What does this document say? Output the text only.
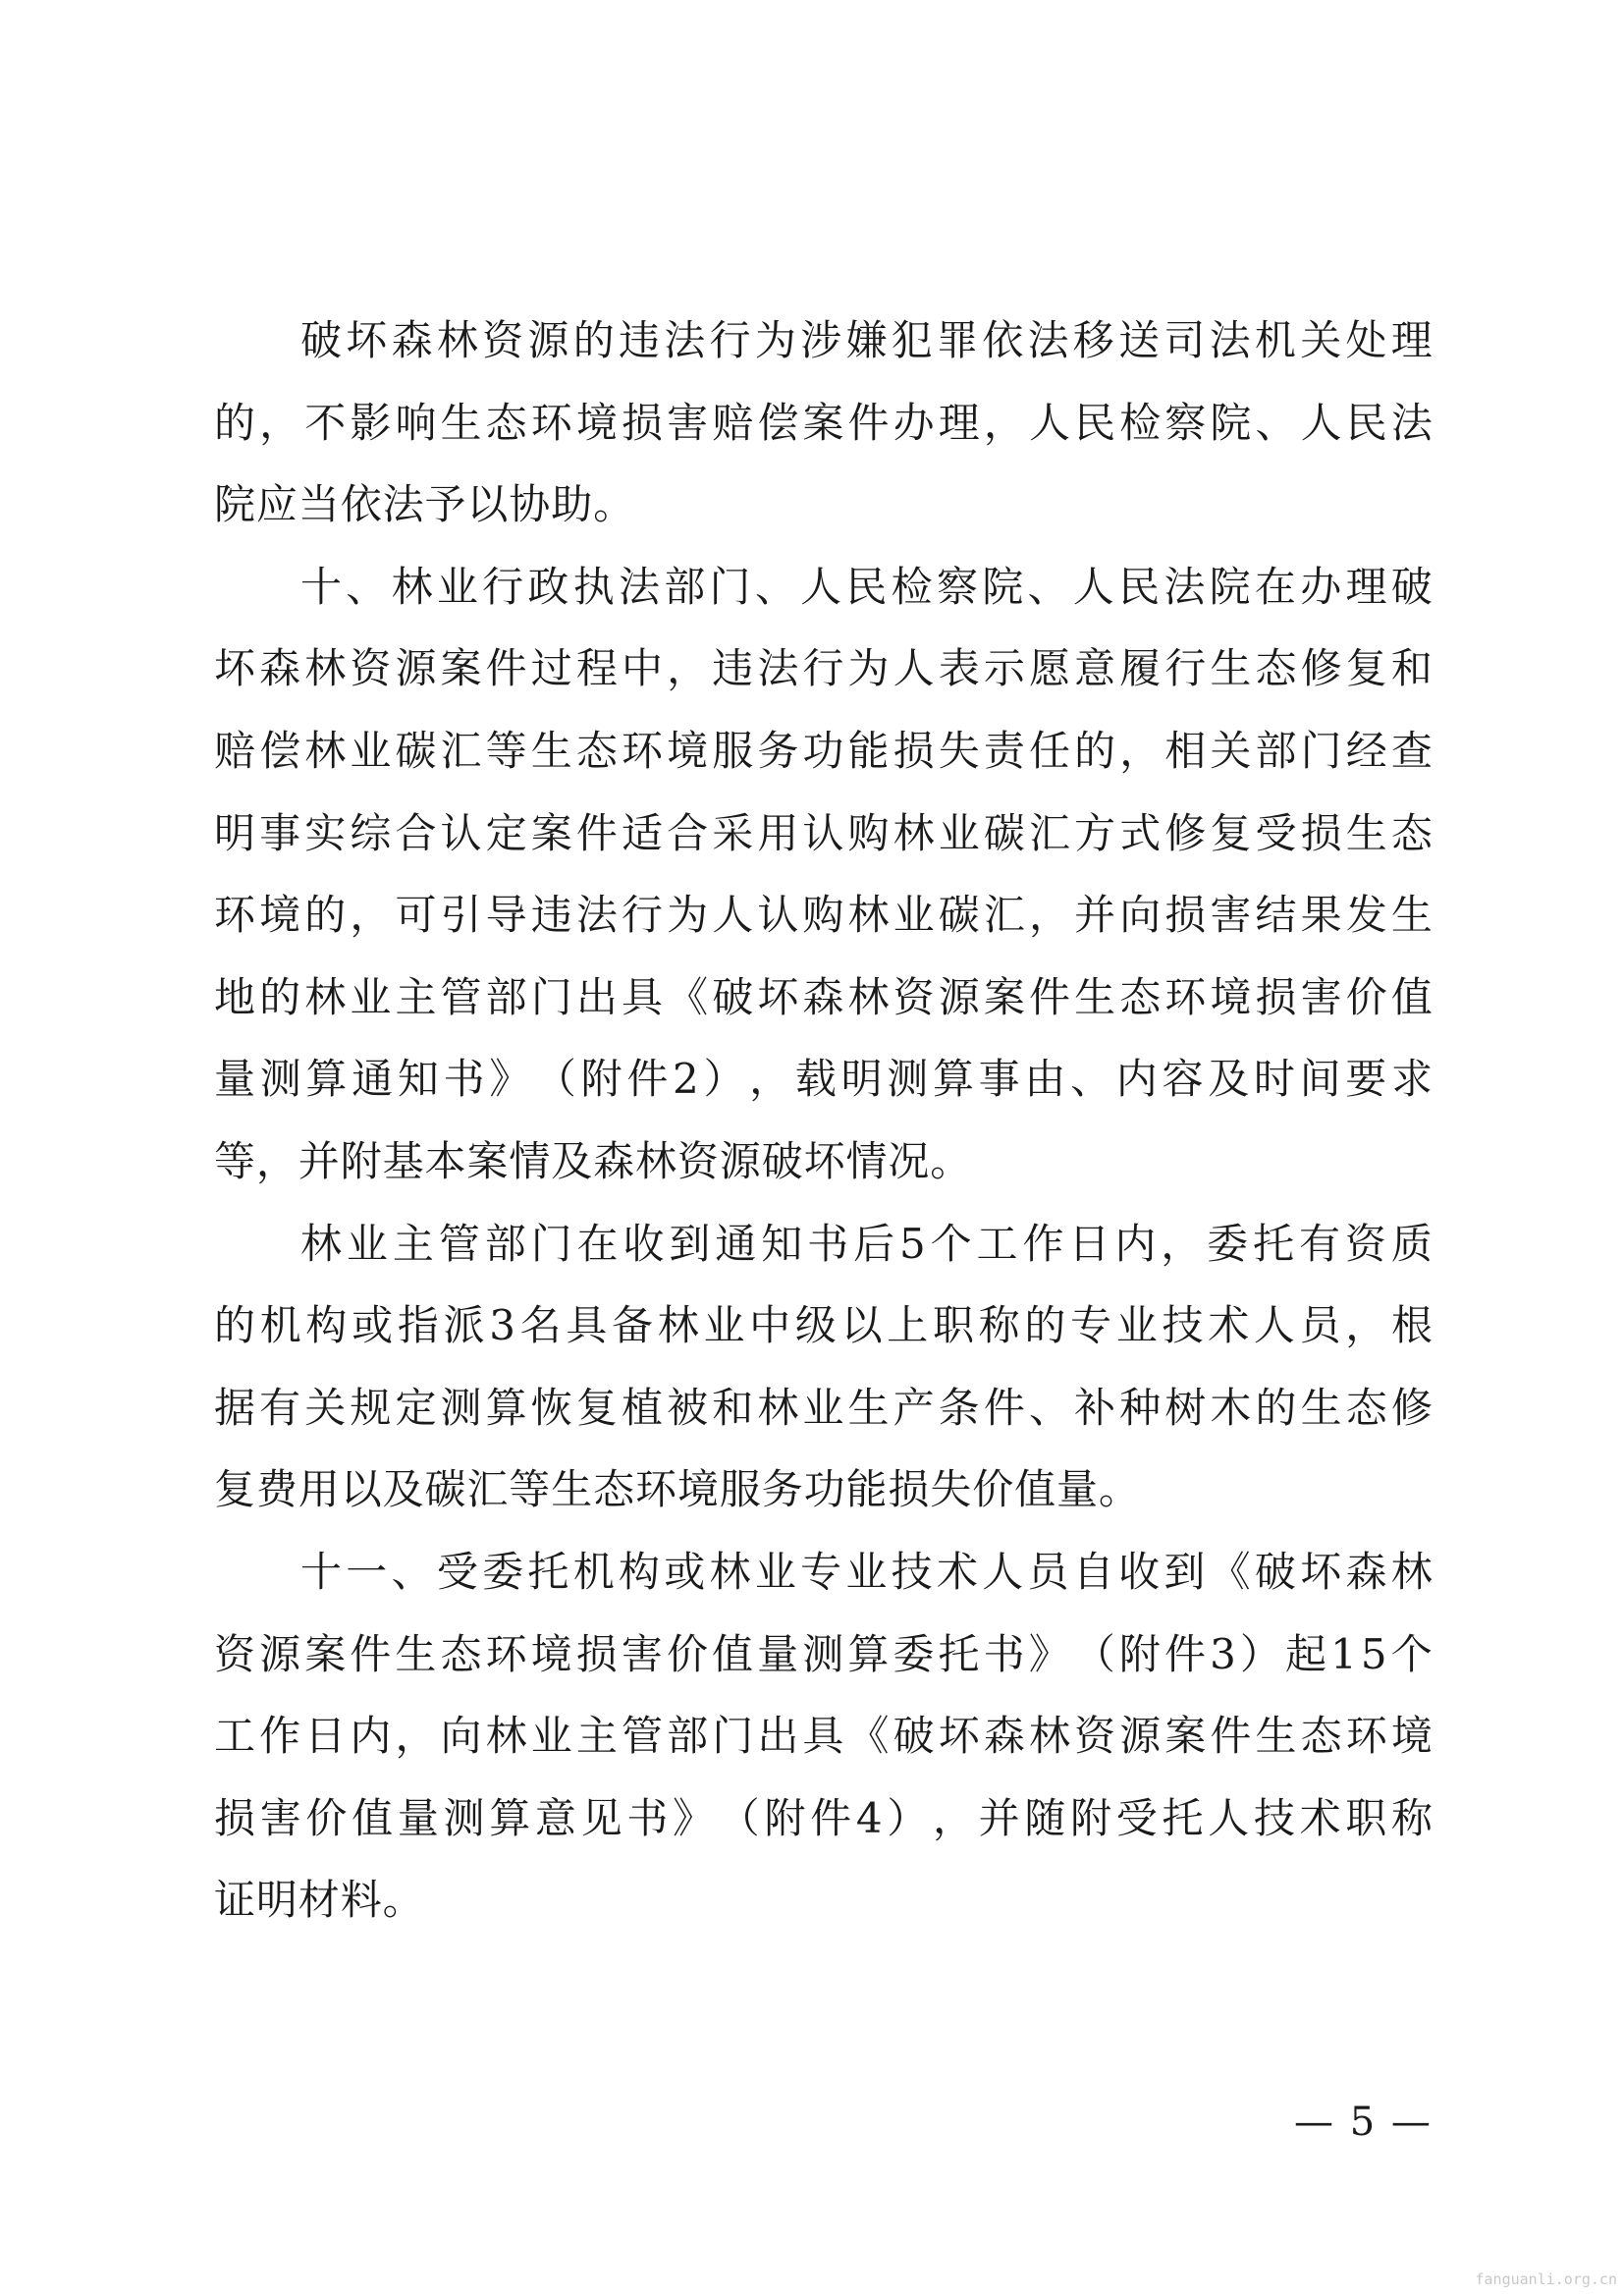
破 坏 森 林 资 源 的 违 法 行 为 涉 嫌 犯 罪 依 法 移 送 司 法 机 关 处 理
的 ， 不 影 响 生 态 环 境 损 害 赔 偿 案 件 办 理 ， 人 民 检 察 院 、 人 民 法
院应当依法予以协助。
十 、 林 业 行 政 执 法 部 门 、 人 民 检 察 院 、 人 民 法 院 在 办 理 破
坏 森 林 资 源 案 件 过 程 中 ， 违 法 行 为 人 表 示 愿 意 履 行 生 态 修 复 和
赔 偿 林 业 碳 汇 等 生 态 环 境 服 务 功 能 损 失 责 任 的 ， 相 关 部 门 经 查
明 事 实 综 合 认 定 案 件 适 合 采 用 认 购 林 业 碳 汇 方 式 修 复 受 损 生 态
环 境 的 ， 可 引 导 违 法 行 为 人 认 购 林 业 碳 汇 ， 并 向 损 害 结 果 发 生
地 的 林 业 主 管 部 门 出 具 《 破 坏 森 林 资 源 案 件 生 态 环 境 损 害 价 值
量 测 算 通 知 书 》 （ 附 件 2 ） ， 载 明 测 算 事 由 、 内 容 及 时 间 要 求
等，并附基本案情及森林资源破坏情况。
林 业 主 管 部 门 在 收 到 通 知 书 后 5 个 工 作 日 内 ， 委 托 有 资 质
的 机 构 或 指 派 3 名 具 备 林 业 中 级 以 上 职 称 的 专 业 技 术 人 员 ， 根
据 有 关 规 定 测 算 恢 复 植 被 和 林 业 生 产 条 件 、 补 种 树 木 的 生 态 修
复费用以及碳汇等生态环境服务功能损失价值量。
十 一 、 受 委 托 机 构 或 林 业 专 业 技 术 人 员 自 收 到 《 破 坏 森 林
资 源 案 件 生 态 环 境 损 害 价 值 量 测 算 委 托 书 》 （ 附 件 3 ） 起 1 5 个
工 作 日 内 ， 向 林 业 主 管 部 门 出 具 《 破 坏 森 林 资 源 案 件 生 态 环 境
损 害 价 值 量 测 算 意 见 书 》 （ 附 件 4 ） ， 并 随 附 受 托 人 技 术 职 称
证明材料。
— 5 —
fanguanli.org.cn
